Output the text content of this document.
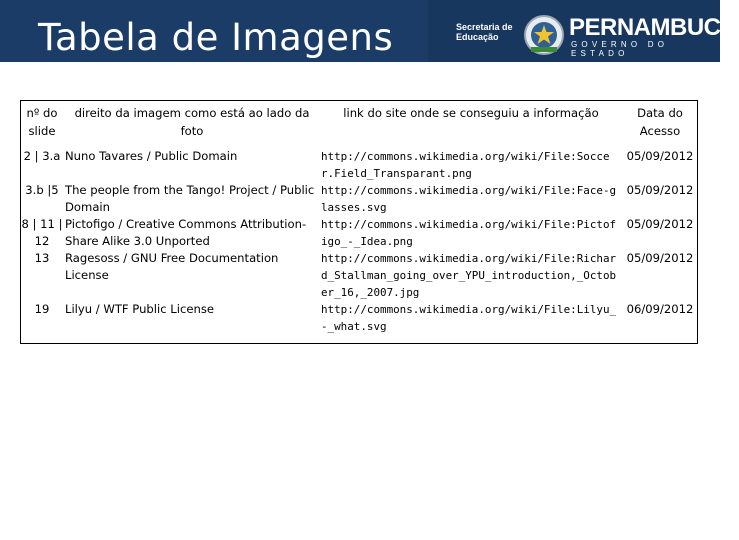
Tabela de Imagens	Secretaria de
Educação	PERNAMBUCO
GOVERNO DO ESTADO
nº do slide	direito da imagem como está ao lado da foto	link do site onde se conseguiu a informação	Data do Acesso
2 | 3.a	Nuno Tavares / Public Domain	http://commons.wikimedia.org/wiki/File:Soccer.Field_Transparant.png	05/09/2012
3.b |5	The people from the Tango! Project / Public Domain	http://commons.wikimedia.org/wiki/File:Face-glasses.svg	05/09/2012
8 | 11 | 12	Pictofigo / Creative Commons Attribution-Share Alike 3.0 Unported	http://commons.wikimedia.org/wiki/File:Pictofigo_-_Idea.png	05/09/2012
13	Ragesoss / GNU Free Documentation License	http://commons.wikimedia.org/wiki/File:Richard_Stallman_going_over_YPU_introduction,_October_16,_2007.jpg	05/09/2012
19	Lilyu / WTF Public License	http://commons.wikimedia.org/wiki/File:Lilyu_-_what.svg	06/09/2012
